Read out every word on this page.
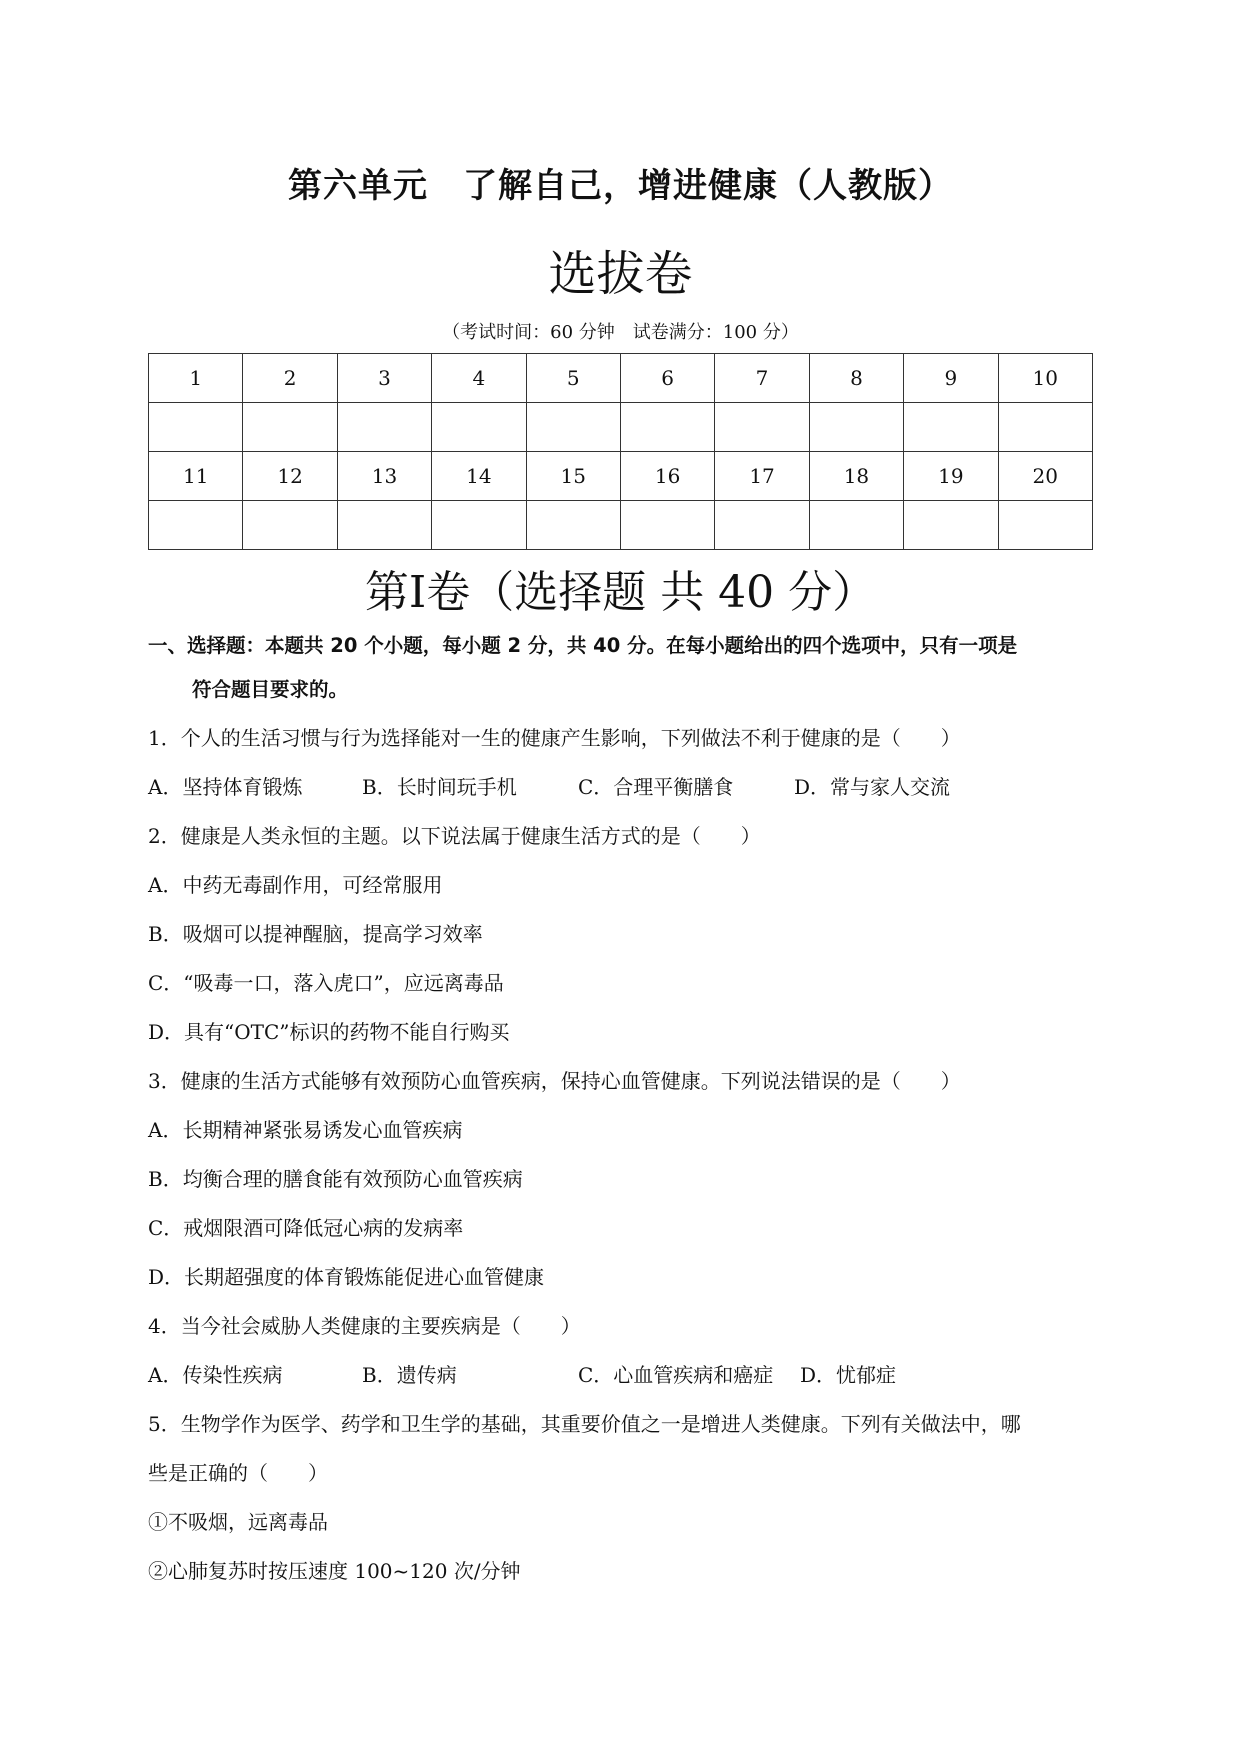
第六单元　了解自己，增进健康（人教版）
选拔卷
（考试时间：60 分钟　试卷满分：100 分）
1	2	3	4	5	6	7	8	9	10

11	12	13	14	15	16	17	18	19	20

第I卷（选择题 共 40 分）
一、选择题：本题共 20 个小题，每小题 2 分，共 40 分。在每小题给出的四个选项中，只有一项是
符合题目要求的。
1．个人的生活习惯与行为选择能对一生的健康产生影响，下列做法不利于健康的是（　　）
A．坚持体育锻炼	B．长时间玩手机	C．合理平衡膳食	D．常与家人交流
2．健康是人类永恒的主题。以下说法属于健康生活方式的是（　　）
A．中药无毒副作用，可经常服用
B．吸烟可以提神醒脑，提高学习效率
C．“吸毒一口，落入虎口”，应远离毒品
D．具有“OTC”标识的药物不能自行购买
3．健康的生活方式能够有效预防心血管疾病，保持心血管健康。下列说法错误的是（　　）
A．长期精神紧张易诱发心血管疾病
B．均衡合理的膳食能有效预防心血管疾病
C．戒烟限酒可降低冠心病的发病率
D．长期超强度的体育锻炼能促进心血管健康
4．当今社会威胁人类健康的主要疾病是（　　）
A．传染性疾病	B．遗传病	C．心血管疾病和癌症 D．忧郁症
5．生物学作为医学、药学和卫生学的基础，其重要价值之一是增进人类健康。下列有关做法中，哪
些是正确的（　　）
①不吸烟，远离毒品
②心肺复苏时按压速度 100~120 次/分钟
